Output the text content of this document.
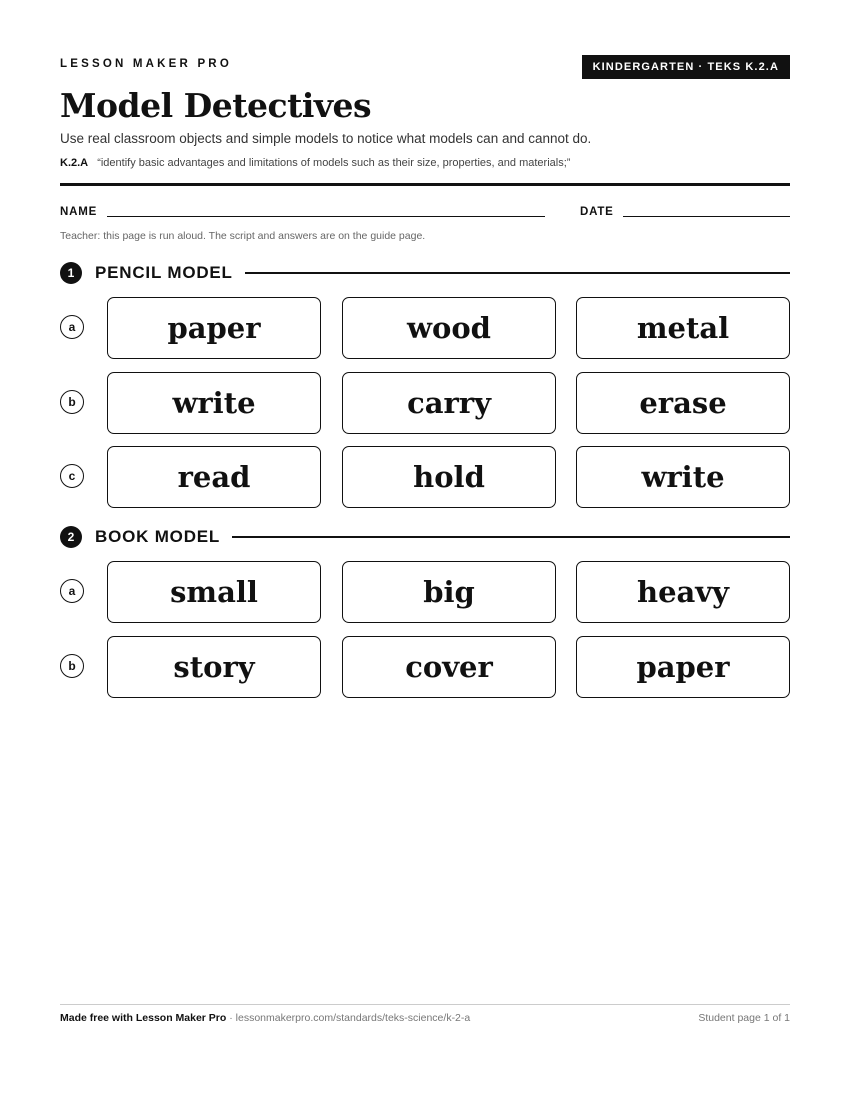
LESSON MAKER PRO	KINDERGARTEN · TEKS K.2.A
Model Detectives
Use real classroom objects and simple models to notice what models can and cannot do.
K.2.A “identify basic advantages and limitations of models such as their size, properties, and materials;”
NAME	DATE
Teacher: this page is run aloud. The script and answers are on the guide page.
1	PENCIL MODEL
a	paper	wood	metal
b	write	carry	erase
c	read	hold	write
2	BOOK MODEL
a	small	big	heavy
b	story	cover	paper
Made free with Lesson Maker Pro · lessonmakerpro.com/standards/teks-science/k-2-a	Student page 1 of 1
